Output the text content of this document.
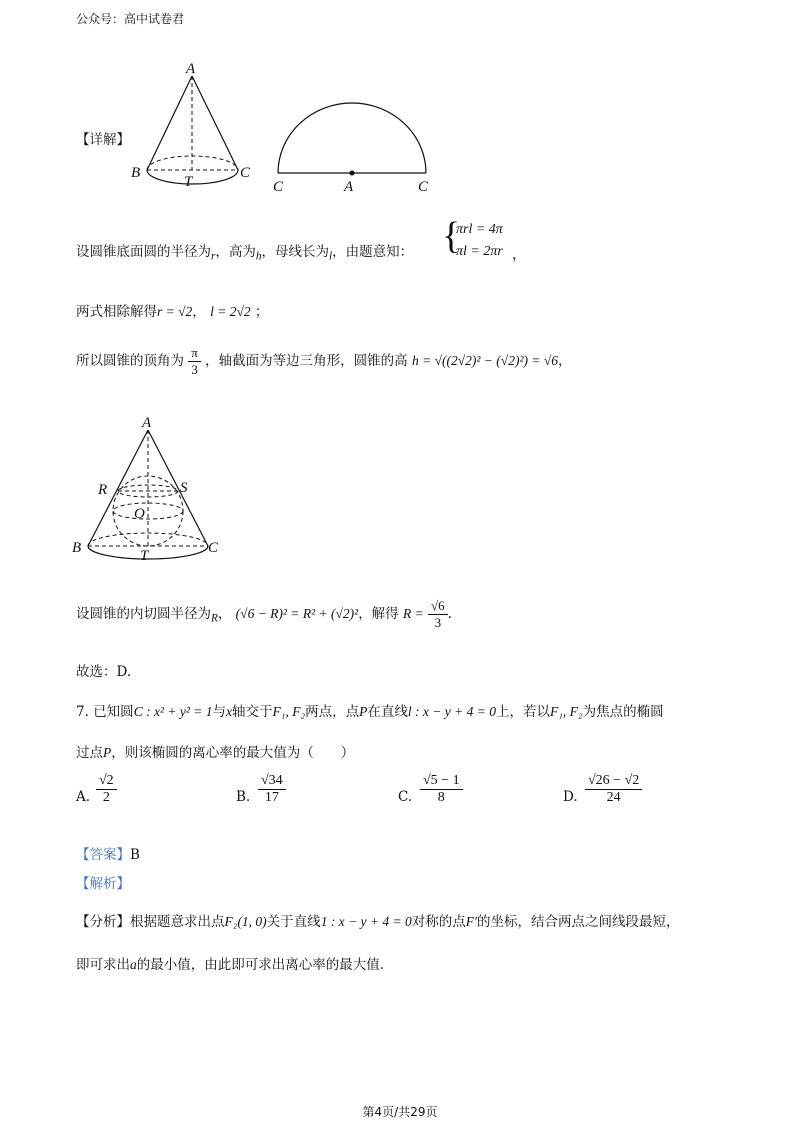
公众号：高中试卷君
A
B	C
T
【详解】
C	A	C
设圆锥底面圆的半径为$_r$，高为$_h$，母线长为$_l$，由题意知： {
πrl = 4π
πl = 2πr ，
两式相除解得r = √2， l = 2√2 ；
所以圆锥的顶角为 $\frac{\pi}{3}$ ，轴截面为等边三角形，圆锥的高 h = √((2√2)² − (√2)²) = √6，
A
R	S
O
B	C
T
设圆锥的内切圆半径为$_R$， (√6 − R)² = R² + (√2)²，解得 $R = \frac{√6}{3}$ .
故选：D.
7. 已知圆C : x² + y² = 1与x轴交于F₁, F₂两点，点P在直线l : x − y + 4 = 0上，若以F₁, F₂为焦点的椭圆
过点P，则该椭圆的离心率的最大值为（　　）
A. $\frac{√2}{2}$	B. $\frac{√34}{17}$	C. $\frac{√5 - 1}{8}$	D. $\frac{√26 - √2}{24}$
【答案】B
【解析】
【分析】根据题意求出点F₂(1, 0)关于直线1 : x − y + 4 = 0对称的点F′的坐标，结合两点之间线段最短，
即可求出a的最小值，由此即可求出离心率的最大值.
第4页/共29页
